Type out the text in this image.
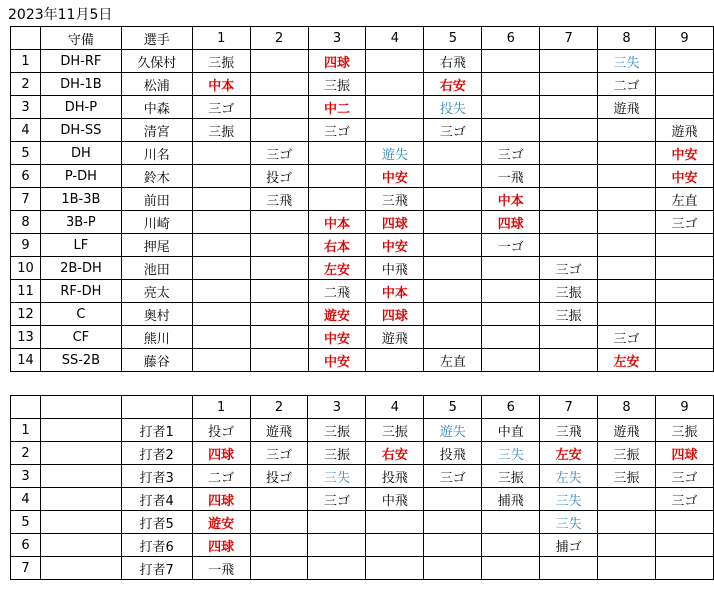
2023年11月5日
	守備	選手	1	2	3	4	5	6	7	8	9
1	DH-RF	久保村	三振		四球		右飛			三失	
2	DH-1B	松浦	中本		三振		右安			二ゴ	
3	DH-P	中森	三ゴ		中二		投失			遊飛	
4	DH-SS	清宮	三振		三ゴ		三ゴ				遊飛
5	DH	川名		三ゴ		遊失		三ゴ			中安
6	P-DH	鈴木		投ゴ		中安		一飛			中安
7	1B-3B	前田		三飛		三飛		中本			左直
8	3B-P	川崎			中本	四球		四球			三ゴ
9	LF	押尾			右本	中安		一ゴ			
10	2B-DH	池田			左安	中飛			三ゴ		
11	RF-DH	亮太			二飛	中本			三振		
12	C	奥村			遊安	四球			三振		
13	CF	熊川			中安	遊飛				三ゴ	
14	SS-2B	藤谷			中安		左直			左安	
			1	2	3	4	5	6	7	8	9
1		打者1	投ゴ	遊飛	三振	三振	遊失	中直	三飛	遊飛	三振
2		打者2	四球	三ゴ	三振	右安	投飛	三失	左安	三振	四球
3		打者3	二ゴ	投ゴ	三失	投飛	三ゴ	三振	左失	三振	三ゴ
4		打者4	四球		三ゴ	中飛		捕飛	三失		三ゴ
5		打者5	遊安						三失		
6		打者6	四球						捕ゴ		
7		打者7	一飛								
